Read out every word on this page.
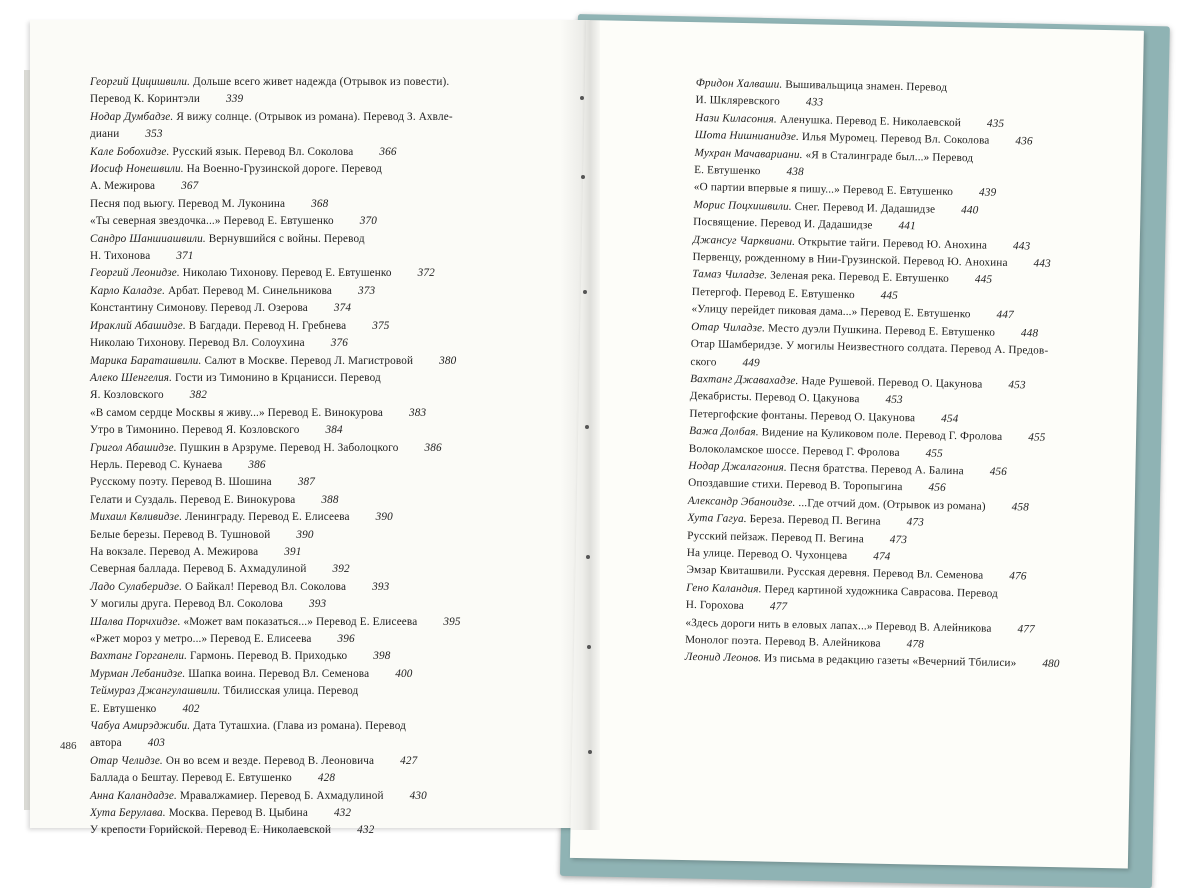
Георгий Цицишвили. Дольше всего живет надежда (Отрывок из повести).
Перевод К. Коринтэли 339
Нодар Думбадзе. Я вижу солнце. (Отрывок из романа). Перевод З. Ахвле-
диани 353
Кале Бобохидзе. Русский язык. Перевод Вл. Соколова 366
Иосиф Нонешвили. На Военно-Грузинской дороге. Перевод
А. Межирова 367
Песня под вьюгу. Перевод М. Луконина 368
«Ты северная звездочка...» Перевод Е. Евтушенко 370
Сандро Шаншиашвили. Вернувшийся с войны. Перевод
Н. Тихонова 371
Георгий Леонидзе. Николаю Тихонову. Перевод Е. Евтушенко 372
Карло Каладзе. Арбат. Перевод М. Синельникова 373
Константину Симонову. Перевод Л. Озерова 374
Ираклий Абашидзе. В Багдади. Перевод Н. Гребнева 375
Николаю Тихонову. Перевод Вл. Солоухина 376
Марика Бараташвили. Салют в Москве. Перевод Л. Магистровой 380
Алеко Шенгелия. Гости из Тимонино в Крцанисси. Перевод
Я. Козловского 382
«В самом сердце Москвы я живу...» Перевод Е. Винокурова 383
Утро в Тимонино. Перевод Я. Козловского 384
Григол Абашидзе. Пушкин в Арзруме. Перевод Н. Заболоцкого 386
Нерль. Перевод С. Кунаева 386
Русскому поэту. Перевод В. Шошина 387
Гелати и Суздаль. Перевод Е. Винокурова 388
Михаил Квливидзе. Ленинграду. Перевод Е. Елисеева 390
Белые березы. Перевод В. Тушновой 390
На вокзале. Перевод А. Межирова 391
Северная баллада. Перевод Б. Ахмадулиной 392
Ладо Сулаберидзе. О Байкал! Перевод Вл. Соколова 393
У могилы друга. Перевод Вл. Соколова 393
Шалва Порчхидзе. «Может вам показаться...» Перевод Е. Елисеева 395
«Ржет мороз у метро...» Перевод Е. Елисеева 396
Вахтанг Горганели. Гармонь. Перевод В. Приходько 398
Мурман Лебанидзе. Шапка воина. Перевод Вл. Семенова 400
Теймураз Джангулашвили. Тбилисская улица. Перевод
Е. Евтушенко 402
Чабуа Амирэджиби. Дата Туташхиа. (Глава из романа). Перевод
автора 403
Отар Челидзе. Он во всем и везде. Перевод В. Леоновича 427
Баллада о Бештау. Перевод Е. Евтушенко 428
Анна Каландадзе. Мравалжамиер. Перевод Б. Ахмадулиной 430
Хута Берулава. Москва. Перевод В. Цыбина 432
У крепости Горийской. Перевод Е. Николаевской 432
Фридон Халваши. Вышивальщица знамен. Перевод
И. Шкляревского 433
Нази Киласония. Аленушка. Перевод Е. Николаевской 435
Шота Нишнианидзе. Илья Муромец. Перевод Вл. Соколова 436
Мухран Мачавариани. «Я в Сталинграде был...» Перевод
Е. Евтушенко 438
«О партии впервые я пишу...» Перевод Е. Евтушенко 439
Морис Поцхишвили. Снег. Перевод И. Дадашидзе 440
Посвящение. Перевод И. Дадашидзе 441
Джансуг Чарквиани. Открытие тайги. Перевод Ю. Анохина 443
Первенцу, рожденному в Нии-Грузинской. Перевод Ю. Анохина 443
Тамаз Чиладзе. Зеленая река. Перевод Е. Евтушенко 445
Петергоф. Перевод Е. Евтушенко 445
«Улицу перейдет пиковая дама...» Перевод Е. Евтушенко 447
Отар Чиладзе. Место дуэли Пушкина. Перевод Е. Евтушенко 448
Отар Шамберидзе. У могилы Неизвестного солдата. Перевод А. Предов-
ского 449
Вахтанг Джавахадзе. Наде Рушевой. Перевод О. Цакунова 453
Декабристы. Перевод О. Цакунова 453
Петергофские фонтаны. Перевод О. Цакунова 454
Важа Долбая. Видение на Куликовом поле. Перевод Г. Фролова 455
Волоколамское шоссе. Перевод Г. Фролова 455
Нодар Джалагония. Песня братства. Перевод А. Балина 456
Опоздавшие стихи. Перевод В. Торопыгина 456
Александр Эбаноидзе. ...Где отчий дом. (Отрывок из романа) 458
Хута Гагуа. Береза. Перевод П. Вегина 473
Русский пейзаж. Перевод П. Вегина 473
На улице. Перевод О. Чухонцева 474
Эмзар Квиташвили. Русская деревня. Перевод Вл. Семенова 476
Гено Каландия. Перед картиной художника Саврасова. Перевод
Н. Горохова 477
«Здесь дороги нить в еловых лапах...» Перевод В. Алейникова 477
Монолог поэта. Перевод В. Алейникова 478
Леонид Леонов. Из письма в редакцию газеты «Вечерний Тбилиси» 480
486
